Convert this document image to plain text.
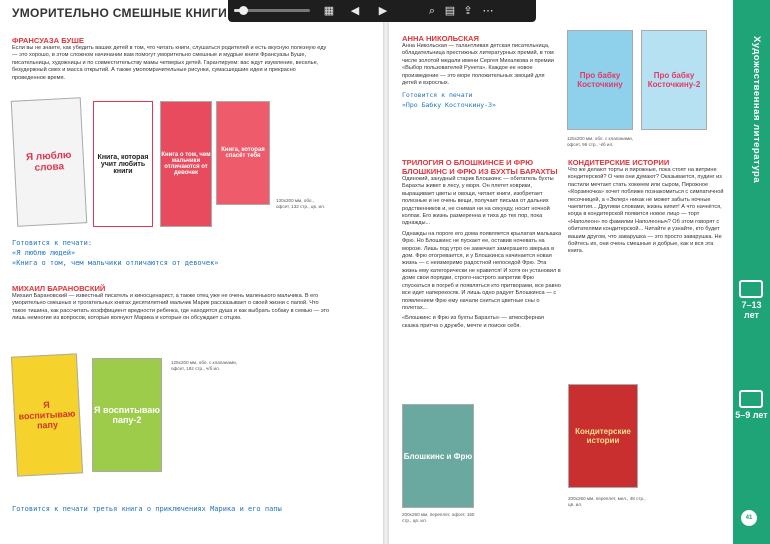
УМОРИТЕЛЬНО СМЕШНЫЕ КНИГИ
ФРАНСУАЗА БУШЕ

Если вы не знаете, как убедить ваших детей в том, что читать книги, слушаться родителей и есть вкусную полезную еду — это хорошо, в этом сложном начинании вам помогут уморительно смешные и мудрые книги Франсуазы Буше, писательницы, художницы и по совместительству мамы четверых детей. Гарантируем: вас ждут изумление, веселье, безудержный смех и масса открытий. А также умопомрачительные рисунки, сумасшедшие идеи и прекрасно проведенное время.

Я люблю слова
Книга, которая учит любить книги
Книга о том, чем мальчики отличаются от девочек
Книга, которая спасёт тебя
130x200 мм, обл., офсет, 132 стр., цв. ил.
Готовится к печати:
«Я люблю людей»
«Книга о том, чем мальчики отличаются от девочек»
МИХАИЛ БАРАНОВСКИЙ

Михаил Барановский — известный писатель и киносценарист, а также отец уже не очень маленького мальчика. В его уморительно смешных и трогательных книгах десятилетний мальчик Марик рассказывает о своей жизни с папой. Что такое тишина, как рассчитать коэффициент вредности ребенка, где находится душа и как выбрать собаку в семью — это лишь немногие из вопросов, которые волнуют Марика и которые он обсуждает с отцом.

Я воспитываю папу
Я воспитываю папу-2
125x200 мм, обл. с клапанами, офсет, 192 стр., ч/б ил.
Готовится к печати третья книга о приключениях Марика и его папы
АННА НИКОЛЬСКАЯ

Анна Никольская — талантливая детская писательница, обладательница престижных литературных премий, в том числе золотой медали имени Сергея Михалкова и премии «Выбор пользователей Рунета». Каждое ее новое произведение — это море положительных эмоций для детей и взрослых.

Готовится к печати
«Про Бабку Косточкину-3»
Про бабку Косточкину
Про бабку Косточкину-2
125x200 мм, обл. с клапанами, офсет, 96 стр., ч/б ил.
ТРИЛОГИЯ О БЛОШКИНСЕ И ФРЮ БЛОШКИНС И ФРЮ ИЗ БУХТЫ БАРАХТЫ

Одинокий, занудный старик Блошкинс — обитатель бухты Барахты живет в лесу, у моря. Он плетет коврики, выращивает цветы и овощи, читает книги, изобретает полезные и не очень вещи, получает письма от дальних родственников и, не снимая ни на секунду, носит ночной колпак. Его жизнь размеренна и тиха до тех пор, пока однажды...

Однажды на пороге его дома появляется крылатая малышка Фрю. Но Блошкинс не пускает ее, оставив ночевать на морозе. Лишь под утро он замечает замерзшего зверька в дом. Фрю отогревается, и у Блошкинса начинается новая жизнь — с неизмеримо радостной непоседой Фрю. Эта жизнь ему категорически не нравится! И хотя он установил в доме свои порядки, строго-настрого запретив Фрю спускаться в погреб и появляться кто притворами, все равно все идет наперекосяк. И лишь одно радует Блошкинса — с появлением Фрю ему начали сниться цветные сны о полетах...

«Блошкинс и Фрю из бухты Барахты» — атмосферная сказка притча о дружбе, мечте и поиске себя.

Блошкинс и Фрю
200x260 мм, переплет, офсет, 160 стр., цв. ил.
КОНДИТЕРСКИЕ ИСТОРИИ

Что же делают торты и пирожные, пока стоят на витрине кондитерской? О чем они думают? Оказывается, пудинг из пастили мечтает стать хоккеем или сыром, Пирожное «Корзиночка» хочет поближе познакомиться с симпатичной песочницей, а «Эклер» никак не может забыть ночные чаепития... Другими словами, жизнь кипит! А что начнётся, когда в кондитерской появится новое лицо — торт «Наполеон» по фамилии Наполеоныч? Об этом говорят с обитателями кондитерской... Читайте и узнайте, кто будет вашим другом, что заварушка — это просто заварушка. Не бойтесь их, они очень смешные и добрые, как и вся эта книга.

Кондитерские истории
200x260 мм, переплет, мел., 48 стр., цв. ил.
Художественная литература
7–13 лет
5–9 лет
41
▦	◀	▶	⌕ ▤ ⇪ ⋯
